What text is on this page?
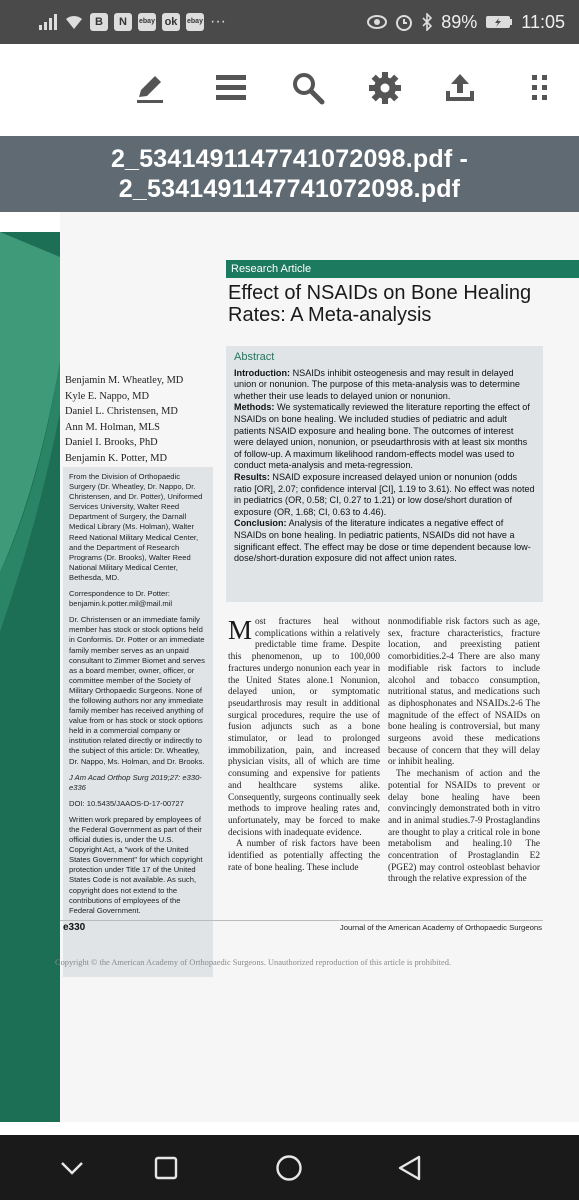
B	N	ebay ok	ebay ···	89% 11:05
2_5341491147741072098.pdf -
2_5341491147741072098.pdf
Research Article
Effect of NSAIDs on Bone Healing Rates: A Meta-analysis
Benjamin M. Wheatley, MD
Kyle E. Nappo, MD
Daniel L. Christensen, MD
Ann M. Holman, MLS
Daniel I. Brooks, PhD
Benjamin K. Potter, MD

From the Division of Orthopaedic Surgery (Dr. Wheatley, Dr. Nappo, Dr. Christensen, and Dr. Potter), Uniformed Services University, Walter Reed Department of Surgery, the Darnall Medical Library (Ms. Holman), Walter Reed National Military Medical Center, and the Department of Research Programs (Dr. Brooks), Walter Reed National Military Medical Center, Bethesda, MD.

Correspondence to Dr. Potter: benjamin.k.potter.mil@mail.mil

Dr. Christensen or an immediate family member has stock or stock options held in Conformis. Dr. Potter or an immediate family member serves as an unpaid consultant to Zimmer Biomet and serves as a board member, owner, officer, or committee member of the Society of Military Orthopaedic Surgeons. None of the following authors nor any immediate family member has received anything of value from or has stock or stock options held in a commercial company or institution related directly or indirectly to the subject of this article: Dr. Wheatley, Dr. Nappo, Ms. Holman, and Dr. Brooks.

J Am Acad Orthop Surg 2019;27: e330-e336

DOI: 10.5435/JAAOS-D-17-00727

Written work prepared by employees of the Federal Government as part of their official duties is, under the U.S. Copyright Act, a "work of the United States Government" for which copyright protection under Title 17 of the United States Code is not available. As such, copyright does not extend to the contributions of employees of the Federal Government.

Abstract

Introduction: NSAIDs inhibit osteogenesis and may result in delayed union or nonunion. The purpose of this meta-analysis was to determine whether their use leads to delayed union or nonunion.

Methods: We systematically reviewed the literature reporting the effect of NSAIDs on bone healing. We included studies of pediatric and adult patients NSAID exposure and healing bone. The outcomes of interest were delayed union, nonunion, or pseudarthrosis with at least six months of follow-up. A maximum likelihood random-effects model was used to conduct meta-analysis and meta-regression.

Results: NSAID exposure increased delayed union or nonunion (odds ratio [OR], 2.07; confidence interval [CI], 1.19 to 3.61). No effect was noted in pediatrics (OR, 0.58; CI, 0.27 to 1.21) or low dose/short duration of exposure (OR, 1.68; CI, 0.63 to 4.46).

Conclusion: Analysis of the literature indicates a negative effect of NSAIDs on bone healing. In pediatric patients, NSAIDs did not have a significant effect. The effect may be dose or time dependent because low-dose/short-duration exposure did not affect union rates.

Most fractures heal without complications within a relatively predictable time frame. Despite this phenomenon, up to 100,000 fractures undergo nonunion each year in the United States alone.1 Nonunion, delayed union, or symptomatic pseudarthrosis may result in additional surgical procedures, require the use of fusion adjuncts such as a bone stimulator, or lead to prolonged immobilization, pain, and increased physician visits, all of which are time consuming and expensive for patients and healthcare systems alike. Consequently, surgeons continually seek methods to improve healing rates and, unfortunately, may be forced to make decisions with inadequate evidence.

A number of risk factors have been identified as potentially affecting the rate of bone healing. These include

nonmodifiable risk factors such as age, sex, fracture characteristics, fracture location, and preexisting patient comorbidities.2-4 There are also many modifiable risk factors to include alcohol and tobacco consumption, nutritional status, and medications such as diphosphonates and NSAIDs.2-6 The magnitude of the effect of NSAIDs on bone healing is controversial, but many surgeons avoid these medications because of concern that they will delay or inhibit healing.

The mechanism of action and the potential for NSAIDs to prevent or delay bone healing have been convincingly demonstrated both in vitro and in animal studies.7-9 Prostaglandins are thought to play a critical role in bone metabolism and healing.10 The concentration of Prostaglandin E2 (PGE2) may control osteoblast behavior through the relative expression of the

e330	Journal of the American Academy of Orthopaedic Surgeons
Copyright © the American Academy of Orthopaedic Surgeons. Unauthorized reproduction of this article is prohibited.
